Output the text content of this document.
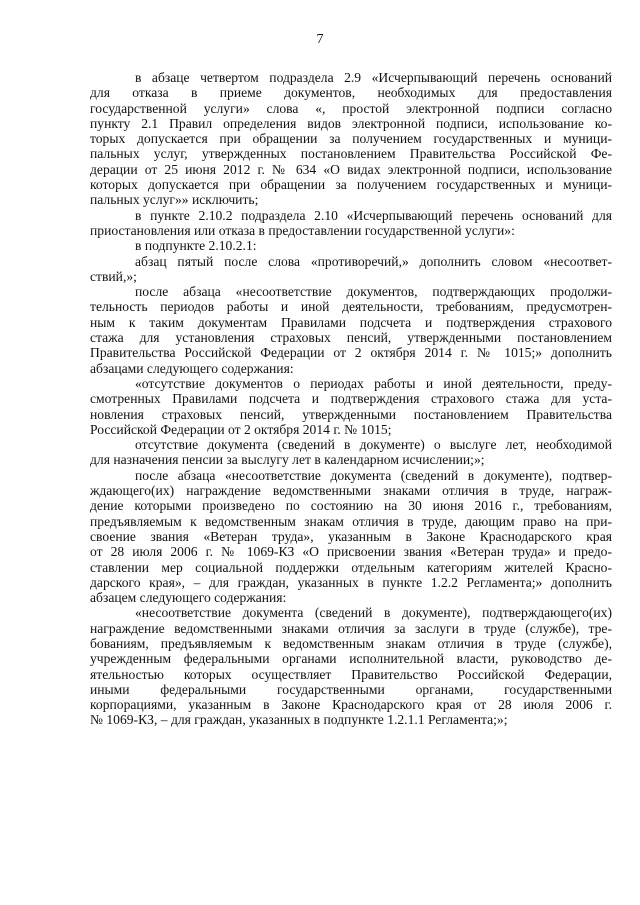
7
в абзаце четвертом подраздела 2.9 «Исчерпывающий перечень оснований
для отказа в приеме документов, необходимых для предоставления
государственной услуги» слова «, простой электронной подписи согласно
пункту 2.1 Правил определения видов электронной подписи, использование ко-
торых допускается при обращении за получением государственных и муници-
пальных услуг, утвержденных постановлением Правительства Российской Фе-
дерации от 25 июня 2012 г. № 634 «О видах электронной подписи, использование
которых допускается при обращении за получением государственных и муници-
пальных услуг»» исключить;
в пункте 2.10.2 подраздела 2.10 «Исчерпывающий перечень оснований для
приостановления или отказа в предоставлении государственной услуги»:
в подпункте 2.10.2.1:
абзац пятый после слова «противоречий,» дополнить словом «несоответ-
ствий,»;
после абзаца «несоответствие документов, подтверждающих продолжи-
тельность периодов работы и иной деятельности, требованиям, предусмотрен-
ным к таким документам Правилами подсчета и подтверждения страхового
стажа для установления страховых пенсий, утвержденными постановлением
Правительства Российской Федерации от 2 октября 2014 г. № 1015;» дополнить
абзацами следующего содержания:
«отсутствие документов о периодах работы и иной деятельности, преду-
смотренных Правилами подсчета и подтверждения страхового стажа для уста-
новления страховых пенсий, утвержденными постановлением Правительства
Российской Федерации от 2 октября 2014 г. № 1015;
отсутствие документа (сведений в документе) о выслуге лет, необходимой
для назначения пенсии за выслугу лет в календарном исчислении;»;
после абзаца «несоответствие документа (сведений в документе), подтвер-
ждающего(их) награждение ведомственными знаками отличия в труде, награж-
дение которыми произведено по состоянию на 30 июня 2016 г., требованиям,
предъявляемым к ведомственным знакам отличия в труде, дающим право на при-
своение звания «Ветеран труда», указанным в Законе Краснодарского края
от 28 июля 2006 г. № 1069-КЗ «О присвоении звания «Ветеран труда» и предо-
ставлении мер социальной поддержки отдельным категориям жителей Красно-
дарского края», – для граждан, указанных в пункте 1.2.2 Регламента;» дополнить
абзацем следующего содержания:
«несоответствие документа (сведений в документе), подтверждающего(их)
награждение ведомственными знаками отличия за заслуги в труде (службе), тре-
бованиям, предъявляемым к ведомственным знакам отличия в труде (службе),
учрежденным федеральными органами исполнительной власти, руководство де-
ятельностью которых осуществляет Правительство Российской Федерации,
иными федеральными государственными органами, государственными
корпорациями, указанным в Законе Краснодарского края от 28 июля 2006 г.
№ 1069-КЗ, – для граждан, указанных в подпункте 1.2.1.1 Регламента;»;
